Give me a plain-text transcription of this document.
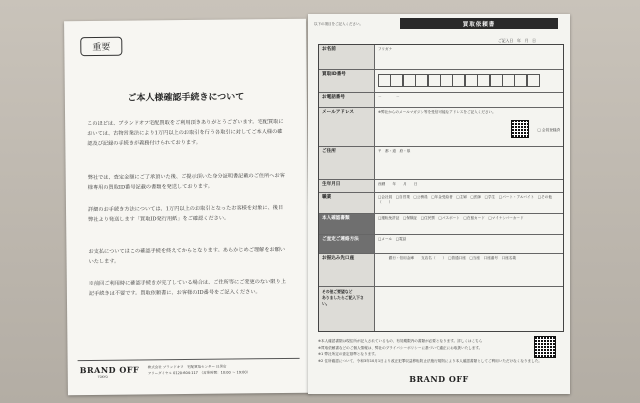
重要
ご本人様確認手続きについて
このほどは、ブランドオフ宅配買取をご利用頂きありがとうございます。宅配買取においては、古物営業法により1万円以上のお取引を行う各取引に対してご本人様の確認及び記録の手続きが義務付けられております。
弊社では、査定金額にご了承頂いた後、ご提示頂いた身分証明書記載のご住所へお客様専用の買取ID番号記載の書類を発送しております。
詳細のお手続き方法については、1万円以上のお取引となったお客様を対象に、後日弊社より発送します「買取ID発行用紙」をご確認ください。
お支払についてはこの確認手続を終えてからとなります。あらかじめご理解をお願いいたします。
※前回ご利用時に確認手続きが完了している場合は、ご住所等にご変更のない限り上記手続きは不要です。買取依頼書に、お客様のID番号をご記入ください。
BRAND OFF
TOKYO
株式会社 ブランドオフ　宅配買取センター 目黒店
フリーダイヤル 0120-604-117　（営業時間：10:00 ～ 19:00）
以下の項目をご記入ください。	買取依頼書
ご記入日　年　月　日
お名前	フリガナ
買取ID番号
お電話番号	－　　　　－
メールアドレス	※弊社からのメールマガジン等を受信可能なアドレスをご記入ください。
□ 会員登録済
ご住所	〒　都・道　府・県
生年月日	西暦　　年　　月　　日
職業	□会社員　□自営業　□公務員　□年金受給者　□主婦　□医師　□学生　□パート・アルバイト　□その他（　　）
本人確認書類	□運転免許証　□保険証　□住民票　□パスポート　□在留カード　□マイナンバーカード
ご査定ご連絡方法	□メール　□電話
お振込み先口座	　　　銀行・信用金庫　　支店名（　　）　□普通口座　□当座　口座番号　口座名義
その他ご要望など
ありましたらご記入下さい。
※本人確認書類は現住所が記入されているもの、有効期限内の書類が必要となります。詳しくはこちら
※買取依頼書などのご個人情報は、弊社のプライバシーポリシーに基づいて適正にお取扱いたします。
※1 弊社所定の査定基準となります。
※2 住所確認について、令和3年10月1日より改正犯罪収益移転防止法施行規則により本人確認書類としてご利用いただけなくなりました。
BRAND OFF
